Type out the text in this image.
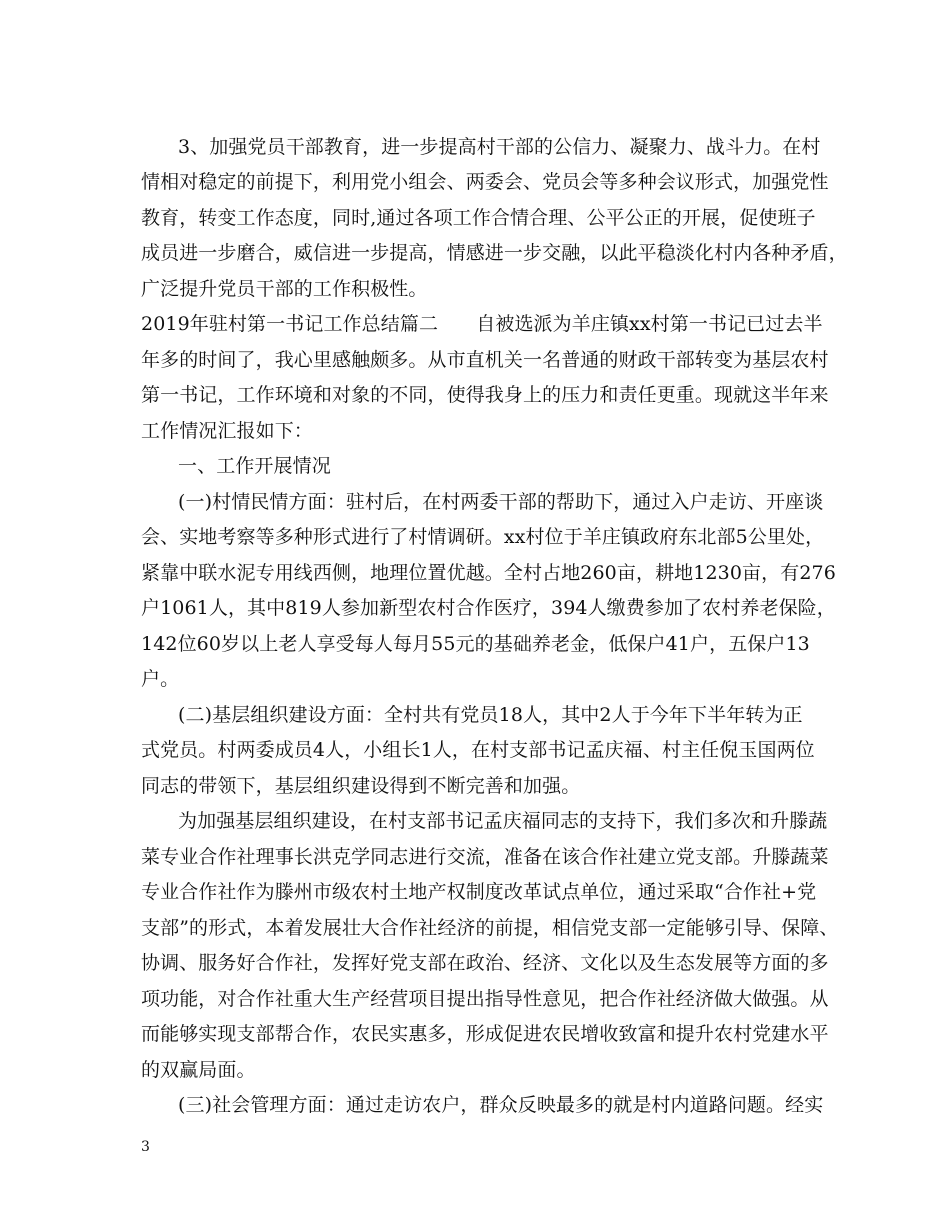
3、加强党员干部教育，进一步提高村干部的公信力、凝聚力、战斗力。在村
情相对稳定的前提下，利用党小组会、两委会、党员会等多种会议形式，加强党性
教育，转变工作态度，同时,通过各项工作合情合理、公平公正的开展，促使班子
成员进一步磨合，威信进一步提高，情感进一步交融，以此平稳淡化村内各种矛盾，
广泛提升党员干部的工作积极性。
2019年驻村第一书记工作总结篇二　　自被选派为羊庄镇xx村第一书记已过去半
年多的时间了，我心里感触颇多。从市直机关一名普通的财政干部转变为基层农村
第一书记，工作环境和对象的不同，使得我身上的压力和责任更重。现就这半年来
工作情况汇报如下：
一、工作开展情况
(一)村情民情方面：驻村后，在村两委干部的帮助下，通过入户走访、开座谈
会、实地考察等多种形式进行了村情调研。xx村位于羊庄镇政府东北部5公里处，
紧靠中联水泥专用线西侧，地理位置优越。全村占地260亩，耕地1230亩，有276
户1061人，其中819人参加新型农村合作医疗，394人缴费参加了农村养老保险，
142位60岁以上老人享受每人每月55元的基础养老金，低保户41户，五保户13
户。
(二)基层组织建设方面：全村共有党员18人，其中2人于今年下半年转为正
式党员。村两委成员4人，小组长1人，在村支部书记孟庆福、村主任倪玉国两位
同志的带领下，基层组织建设得到不断完善和加强。
为加强基层组织建设，在村支部书记孟庆福同志的支持下，我们多次和升滕蔬
菜专业合作社理事长洪克学同志进行交流，准备在该合作社建立党支部。升滕蔬菜
专业合作社作为滕州市级农村土地产权制度改革试点单位，通过采取“合作社+党
支部”的形式，本着发展壮大合作社经济的前提，相信党支部一定能够引导、保障、
协调、服务好合作社，发挥好党支部在政治、经济、文化以及生态发展等方面的多
项功能，对合作社重大生产经营项目提出指导性意见，把合作社经济做大做强。从
而能够实现支部帮合作，农民实惠多，形成促进农民增收致富和提升农村党建水平
的双赢局面。
(三)社会管理方面：通过走访农户，群众反映最多的就是村内道路问题。经实
3
